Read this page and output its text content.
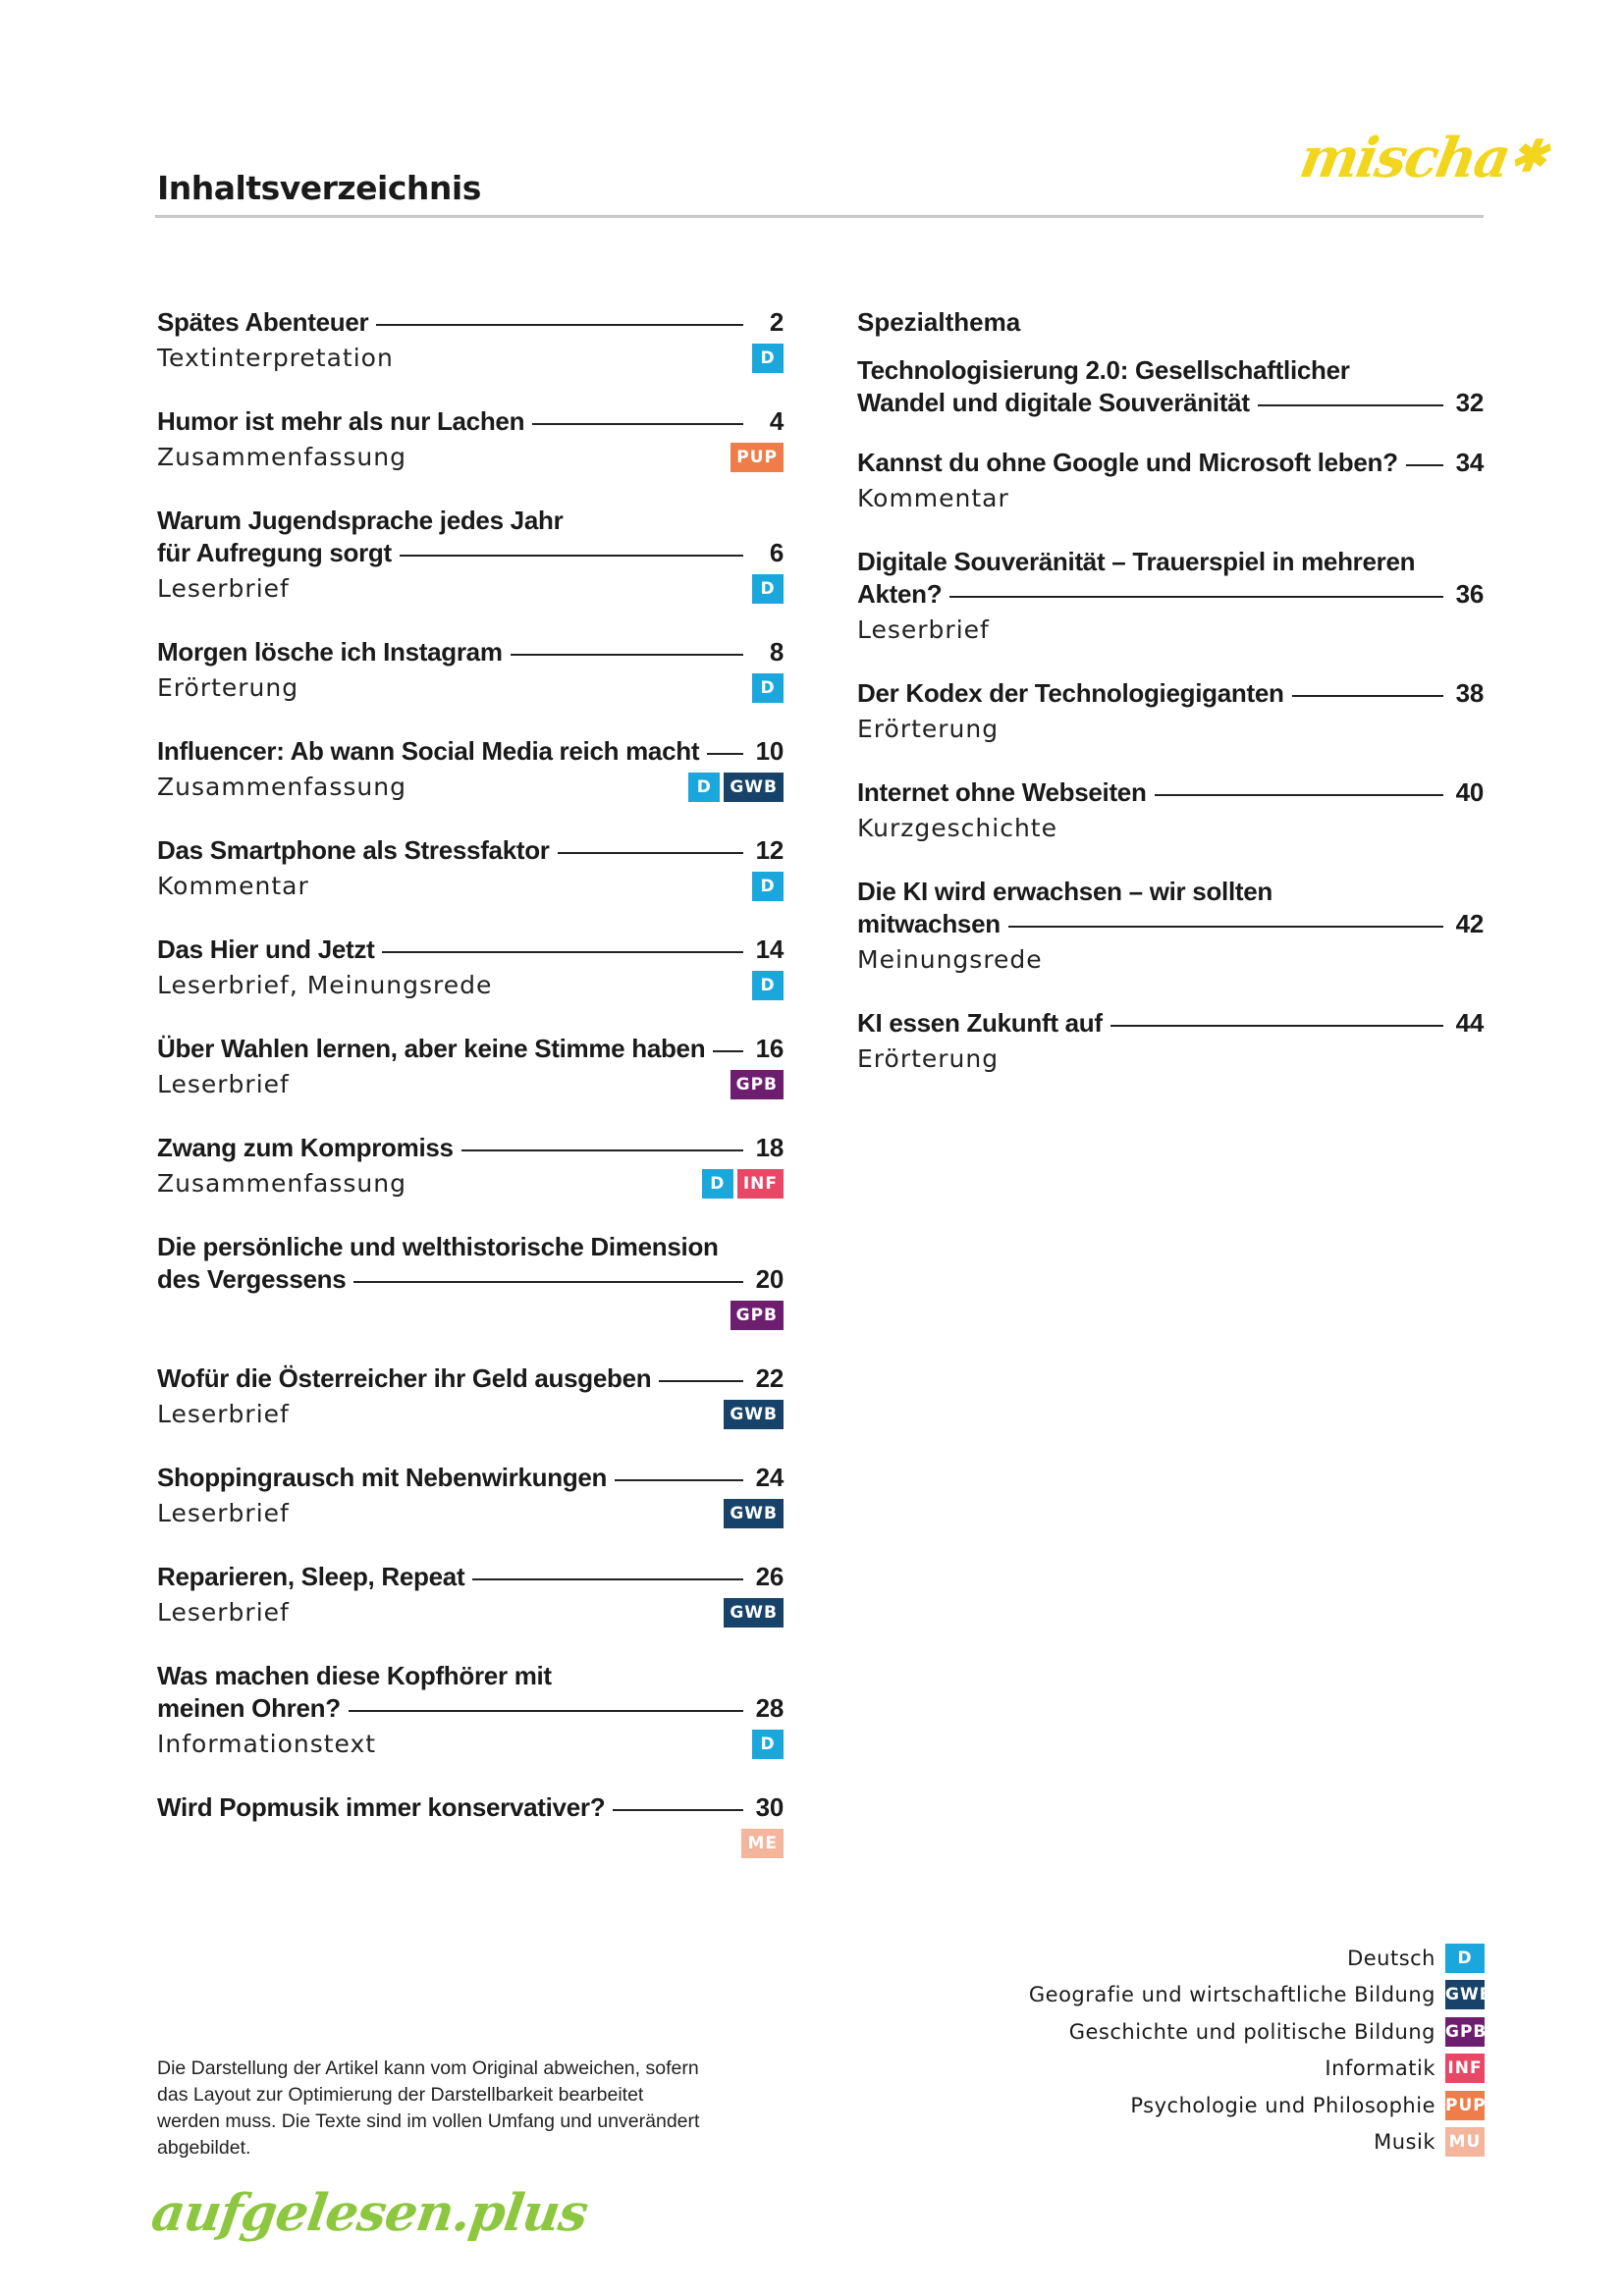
Inhaltsverzeichnis	mischa✱
Spätes Abenteuer	2
Textinterpretation	D
Humor ist mehr als nur Lachen	4
Zusammenfassung	PUP
Warum Jugendsprache jedes Jahr
für Aufregung sorgt	6
Leserbrief	D
Morgen lösche ich Instagram	8
Erörterung	D
Influencer: Ab wann Social Media reich macht 10
Zusammenfassung	D	GWB
Das Smartphone als Stressfaktor	12
Kommentar	D
Das Hier und Jetzt	14
Leserbrief, Meinungsrede	D
Über Wahlen lernen, aber keine Stimme haben 16
Leserbrief	GPB
Zwang zum Kompromiss	18
Zusammenfassung	D	INF
Die persönliche und welthistorische Dimension
des Vergessens	20
GPB
Wofür die Österreicher ihr Geld ausgeben	22
Leserbrief	GWB
Shoppingrausch mit Nebenwirkungen	24
Leserbrief	GWB
Reparieren, Sleep, Repeat	26
Leserbrief	GWB
Was machen diese Kopfhörer mit
meinen Ohren?	28
Informationstext	D
Wird Popmusik immer konservativer?	30
ME
Spezialthema
Technologisierung 2.0: Gesellschaftlicher
Wandel und digitale Souveränität	32
Kannst du ohne Google und Microsoft leben? 34
Kommentar
Digitale Souveränität – Trauerspiel in mehreren
Akten?	36
Leserbrief
Der Kodex der Technologiegiganten	38
Erörterung
Internet ohne Webseiten	40
Kurzgeschichte
Die KI wird erwachsen – wir sollten
mitwachsen	42
Meinungsrede
KI essen Zukunft auf	44
Erörterung
Deutsch	D
Geografie und wirtschaftliche Bildung GWB
Geschichte und politische Bildung GPB
Informatik INF
Psychologie und Philosophie PUP
Musik MU
Die Darstellung der Artikel kann vom Original abweichen, sofern das Layout zur Optimierung der Darstellbarkeit bearbeitet werden muss. Die Texte sind im vollen Umfang und unverändert abgebildet.
aufgelesen.plus
